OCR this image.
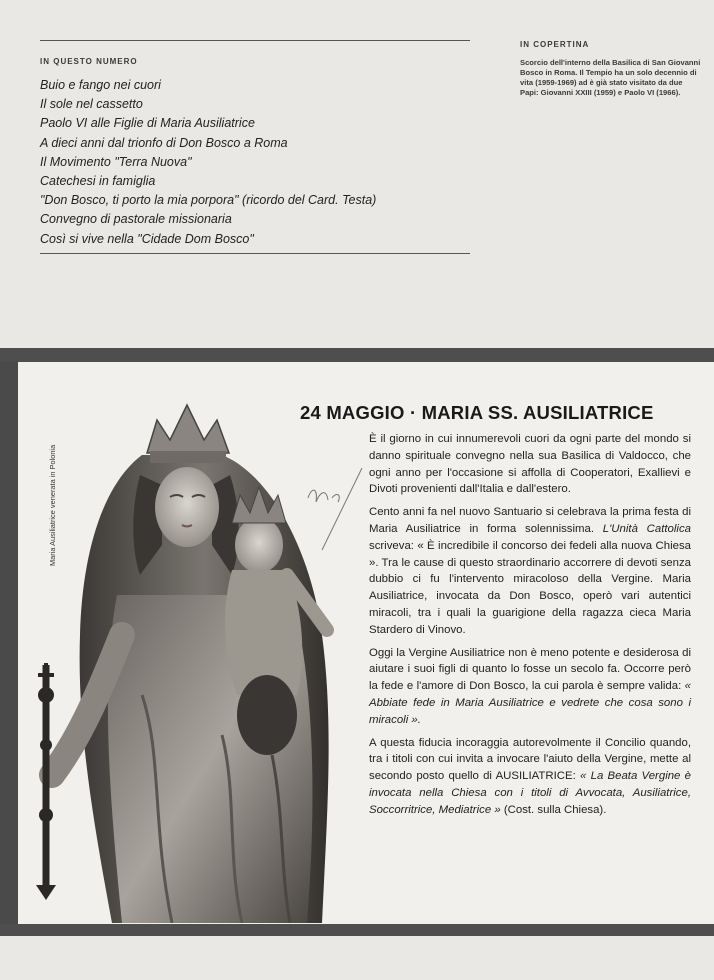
IN QUESTO NUMERO
Buio e fango nei cuori
Il sole nel cassetto
Paolo VI alle Figlie di Maria Ausiliatrice
A dieci anni dal trionfo di Don Bosco a Roma
Il Movimento "Terra Nuova"
Catechesi in famiglia
"Don Bosco, ti porto la mia porpora" (ricordo del Card. Testa)
Convegno di pastorale missionaria
Così si vive nella "Cidade Dom Bosco"
IN COPERTINA
Scorcio dell'interno della Basilica di San Giovanni Bosco in Roma. Il Tempio ha un solo decennio di vita (1959-1969) ad è già stato visitato da due Papi: Giovanni XXIII (1959) e Paolo VI (1966).
Maria Ausiliatrice venerata in Polonia
24 MAGGIO · MARIA SS. AUSILIATRICE

È il giorno in cui innumerevoli cuori da ogni parte del mondo si danno spirituale convegno nella sua Basilica di Valdocco, che ogni anno per l'occasione si affolla di Cooperatori, Exallievi e Divoti provenienti dall'Italia e dall'estero.

Cento anni fa nel nuovo Santuario si celebrava la prima festa di Maria Ausiliatrice in forma solennissima. L'Unità Cattolica scriveva: « È incredibile il concorso dei fedeli alla nuova Chiesa ». Tra le cause di questo straordinario accorrere di devoti senza dubbio ci fu l'intervento miracoloso della Vergine. Maria Ausiliatrice, invocata da Don Bosco, operò vari autentici miracoli, tra i quali la guarigione della ragazza cieca Maria Stardero di Vinovo.

Oggi la Vergine Ausiliatrice non è meno potente e desiderosa di aiutare i suoi figli di quanto lo fosse un secolo fa. Occorre però la fede e l'amore di Don Bosco, la cui parola è sempre valida: « Abbiate fede in Maria Ausiliatrice e vedrete che cosa sono i miracoli ».

A questa fiducia incoraggia autorevolmente il Concilio quando, tra i titoli con cui invita a invocare l'aiuto della Vergine, mette al secondo posto quello di AUSILIATRICE: « La Beata Vergine è invocata nella Chiesa con i titoli di Avvocata, Ausiliatrice, Soccorritrice, Mediatrice » (Cost. sulla Chiesa).
